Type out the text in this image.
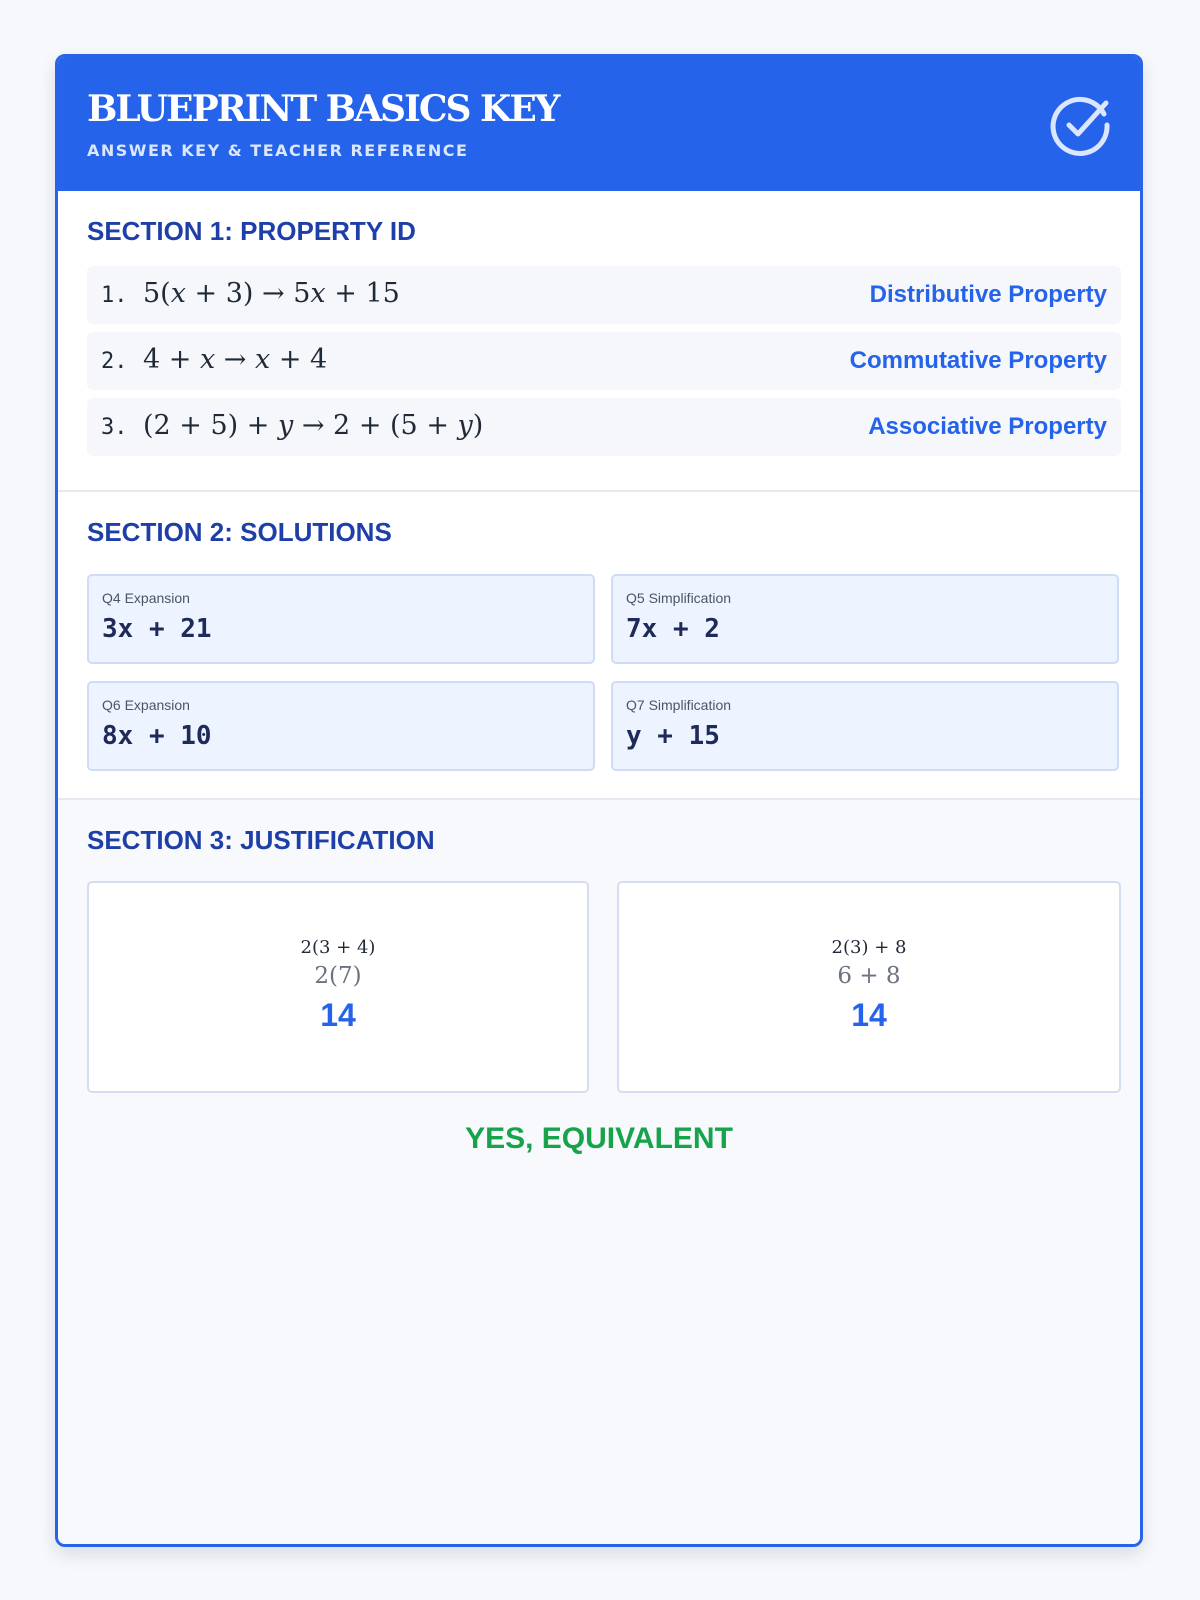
BLUEPRINT BASICS KEY
ANSWER KEY & TEACHER REFERENCE
SECTION 1: PROPERTY ID
1. 5(x + 3) → 5x + 15	Distributive Property
2. 4 + x → x + 4	Commutative Property
3. (2 + 5) + y → 2 + (5 + y)	Associative Property
SECTION 2: SOLUTIONS
Q4 Expansion
3x + 21
Q5 Simplification
7x + 2
Q6 Expansion
8x + 10
Q7 Simplification
y + 15
SECTION 3: JUSTIFICATION
2(3 + 4)
2(7)
14
2(3) + 8
6 + 8
14
YES, EQUIVALENT
